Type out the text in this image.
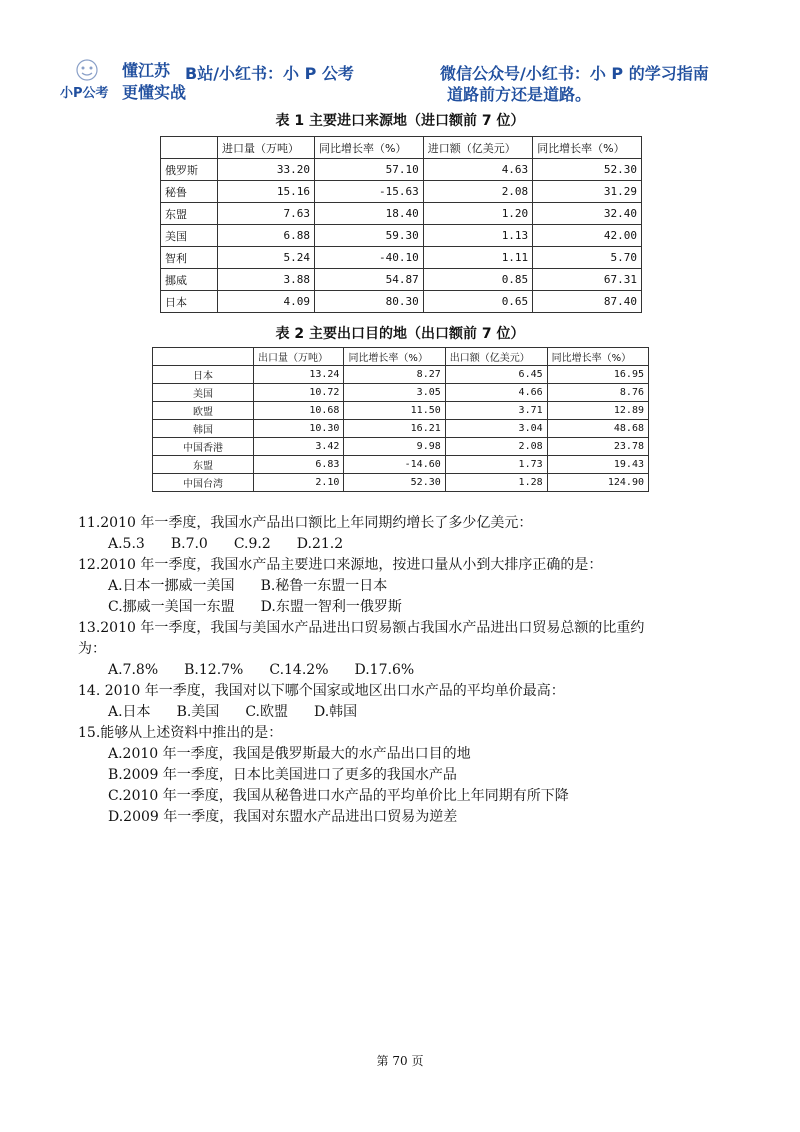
小P公考
懂江苏
更懂实战
B站/小红书：小 P 公考	微信公众号/小红书：小 P 的学习指南
道路前方还是道路。
表 1 主要进口来源地（进口额前 7 位）
	进口量（万吨）	同比增长率（%）	进口额（亿美元）	同比增长率（%）
俄罗斯	33.20	57.10	4.63	52.30
秘鲁	15.16	-15.63	2.08	31.29
东盟	7.63	18.40	1.20	32.40
美国	6.88	59.30	1.13	42.00
智利	5.24	-40.10	1.11	5.70
挪威	3.88	54.87	0.85	67.31
日本	4.09	80.30	0.65	87.40
表 2 主要出口目的地（出口额前 7 位）
	出口量（万吨）	同比增长率（%）	出口额（亿美元）	同比增长率（%）
日本	13.24	8.27	6.45	16.95
美国	10.72	3.05	4.66	8.76
欧盟	10.68	11.50	3.71	12.89
韩国	10.30	16.21	3.04	48.68
中国香港	3.42	9.98	2.08	23.78
东盟	6.83	-14.60	1.73	19.43
中国台湾	2.10	52.30	1.28	124.90

11.2010 年一季度，我国水产品出口额比上年同期约增长了多少亿美元：

A.5.3 B.7.0 C.9.2 D.21.2

12.2010 年一季度，我国水产品主要进口来源地，按进口量从小到大排序正确的是：

A.日本一挪威一美国 B.秘鲁一东盟一日本

C.挪威一美国一东盟 D.东盟一智利一俄罗斯

13.2010 年一季度，我国与美国水产品进出口贸易额占我国水产品进出口贸易总额的比重约

为：

A.7.8% B.12.7% C.14.2% D.17.6%

14. 2010 年一季度，我国对以下哪个国家或地区出口水产品的平均单价最高：

A.日本 B.美国 C.欧盟 D.韩国

15.能够从上述资料中推出的是：

A.2010 年一季度，我国是俄罗斯最大的水产品出口目的地

B.2009 年一季度，日本比美国进口了更多的我国水产品

C.2010 年一季度，我国从秘鲁进口水产品的平均单价比上年同期有所下降

D.2009 年一季度，我国对东盟水产品进出口贸易为逆差

第 70 页
